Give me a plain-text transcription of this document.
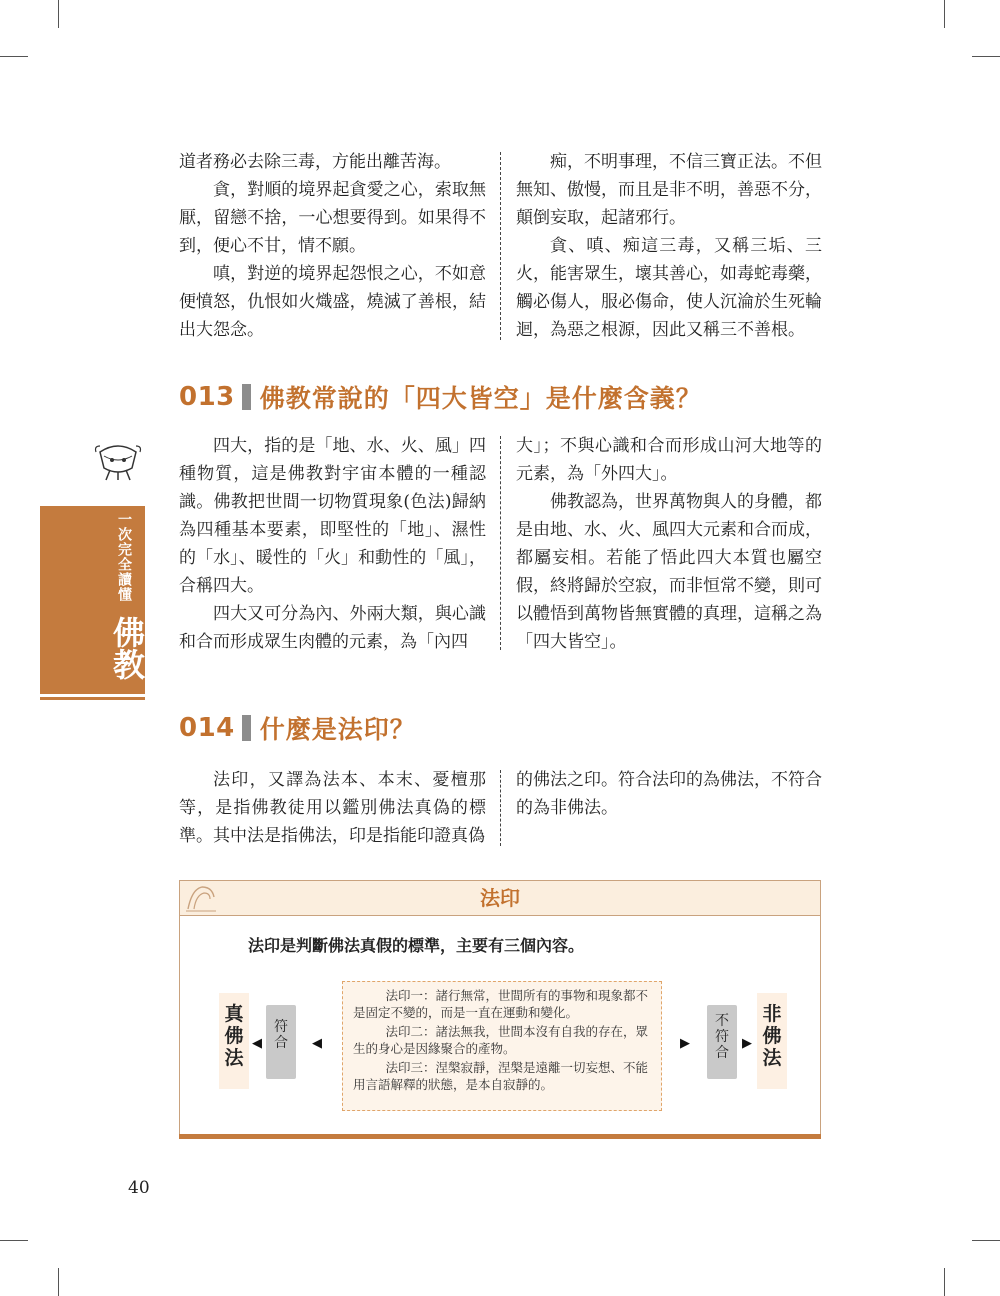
道者務必去除三毒，方能出離苦海。

貪，對順的境界起貪愛之心，索取無厭，留戀不捨，一心想要得到。如果得不到，便心不甘，情不願。

嗔，對逆的境界起怨恨之心，不如意便憤怒，仇恨如火熾盛，燒滅了善根，結出大怨念。

痴，不明事理，不信三寶正法。不但無知、傲慢，而且是非不明，善惡不分，顛倒妄取，起諸邪行。

貪、嗔、痴這三毒，又稱三垢、三火，能害眾生，壞其善心，如毒蛇毒藥，觸必傷人，服必傷命，使人沉淪於生死輪迴，為惡之根源，因此又稱三不善根。

013 佛教常說的「四大皆空」是什麼含義？

四大，指的是「地、水、火、風」四種物質，這是佛教對宇宙本體的一種認識。佛教把世間一切物質現象(色法)歸納為四種基本要素，即堅性的「地」、濕性的「水」、暖性的「火」和動性的「風」，合稱四大。

四大又可分為內、外兩大類，與心識和合而形成眾生肉體的元素，為「內四

大」；不與心識和合而形成山河大地等的元素，為「外四大」。

佛教認為，世界萬物與人的身體，都是由地、水、火、風四大元素和合而成，都屬妄相。若能了悟此四大本質也屬空假，終將歸於空寂，而非恒常不變，則可以體悟到萬物皆無實體的真理，這稱之為「四大皆空」。

一次完全讀懂
佛教
014 什麼是法印？

法印，又譯為法本、本末、憂檀那等，是指佛教徒用以鑑別佛法真偽的標準。其中法是指佛法，印是指能印證真偽

的佛法之印。符合法印的為佛法，不符合的為非佛法。

法印
法印是判斷佛法真假的標準，主要有三個內容。
真
佛
法
◀
符
合	◀

法印一：諸行無常，世間所有的事物和現象都不是固定不變的，而是一直在運動和變化。

法印二：諸法無我，世間本沒有自我的存在，眾生的身心是因緣聚合的產物。

法印三：涅槃寂靜，涅槃是遠離一切妄想、不能用言語解釋的狀態，是本自寂靜的。

▶
不
符
合
▶
非
佛
法
40
